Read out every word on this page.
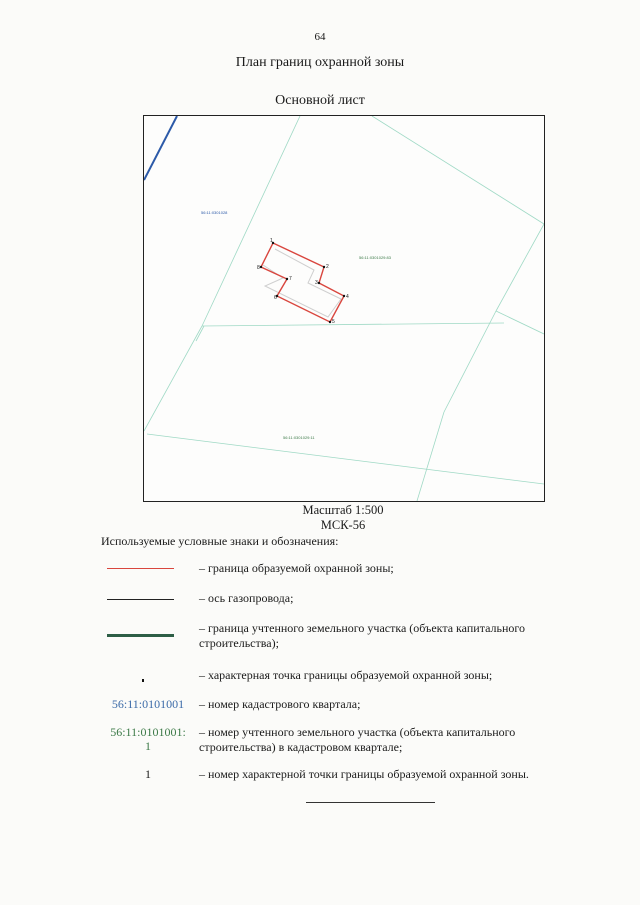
64
План границ охранной зоны
Основной лист
1
2
3
4
5
6
7
8
56:11:0301028
56:11:0301029:83
56:11:0301029:11
Масштаб 1:500
МСК-56
Используемые условные знаки и обозначения:
– граница образуемой охранной зоны;
– ось газопровода;
– граница учтенного земельного участка (объекта капитального строительства);
– характерная точка границы образуемой охранной зоны;
56:11:0101001	– номер кадастрового квартала;
56:11:0101001:
1
– номер учтенного земельного участка (объекта капитального строительства) в кадастровом квартале;
1	– номер характерной точки границы образуемой охранной зоны.
